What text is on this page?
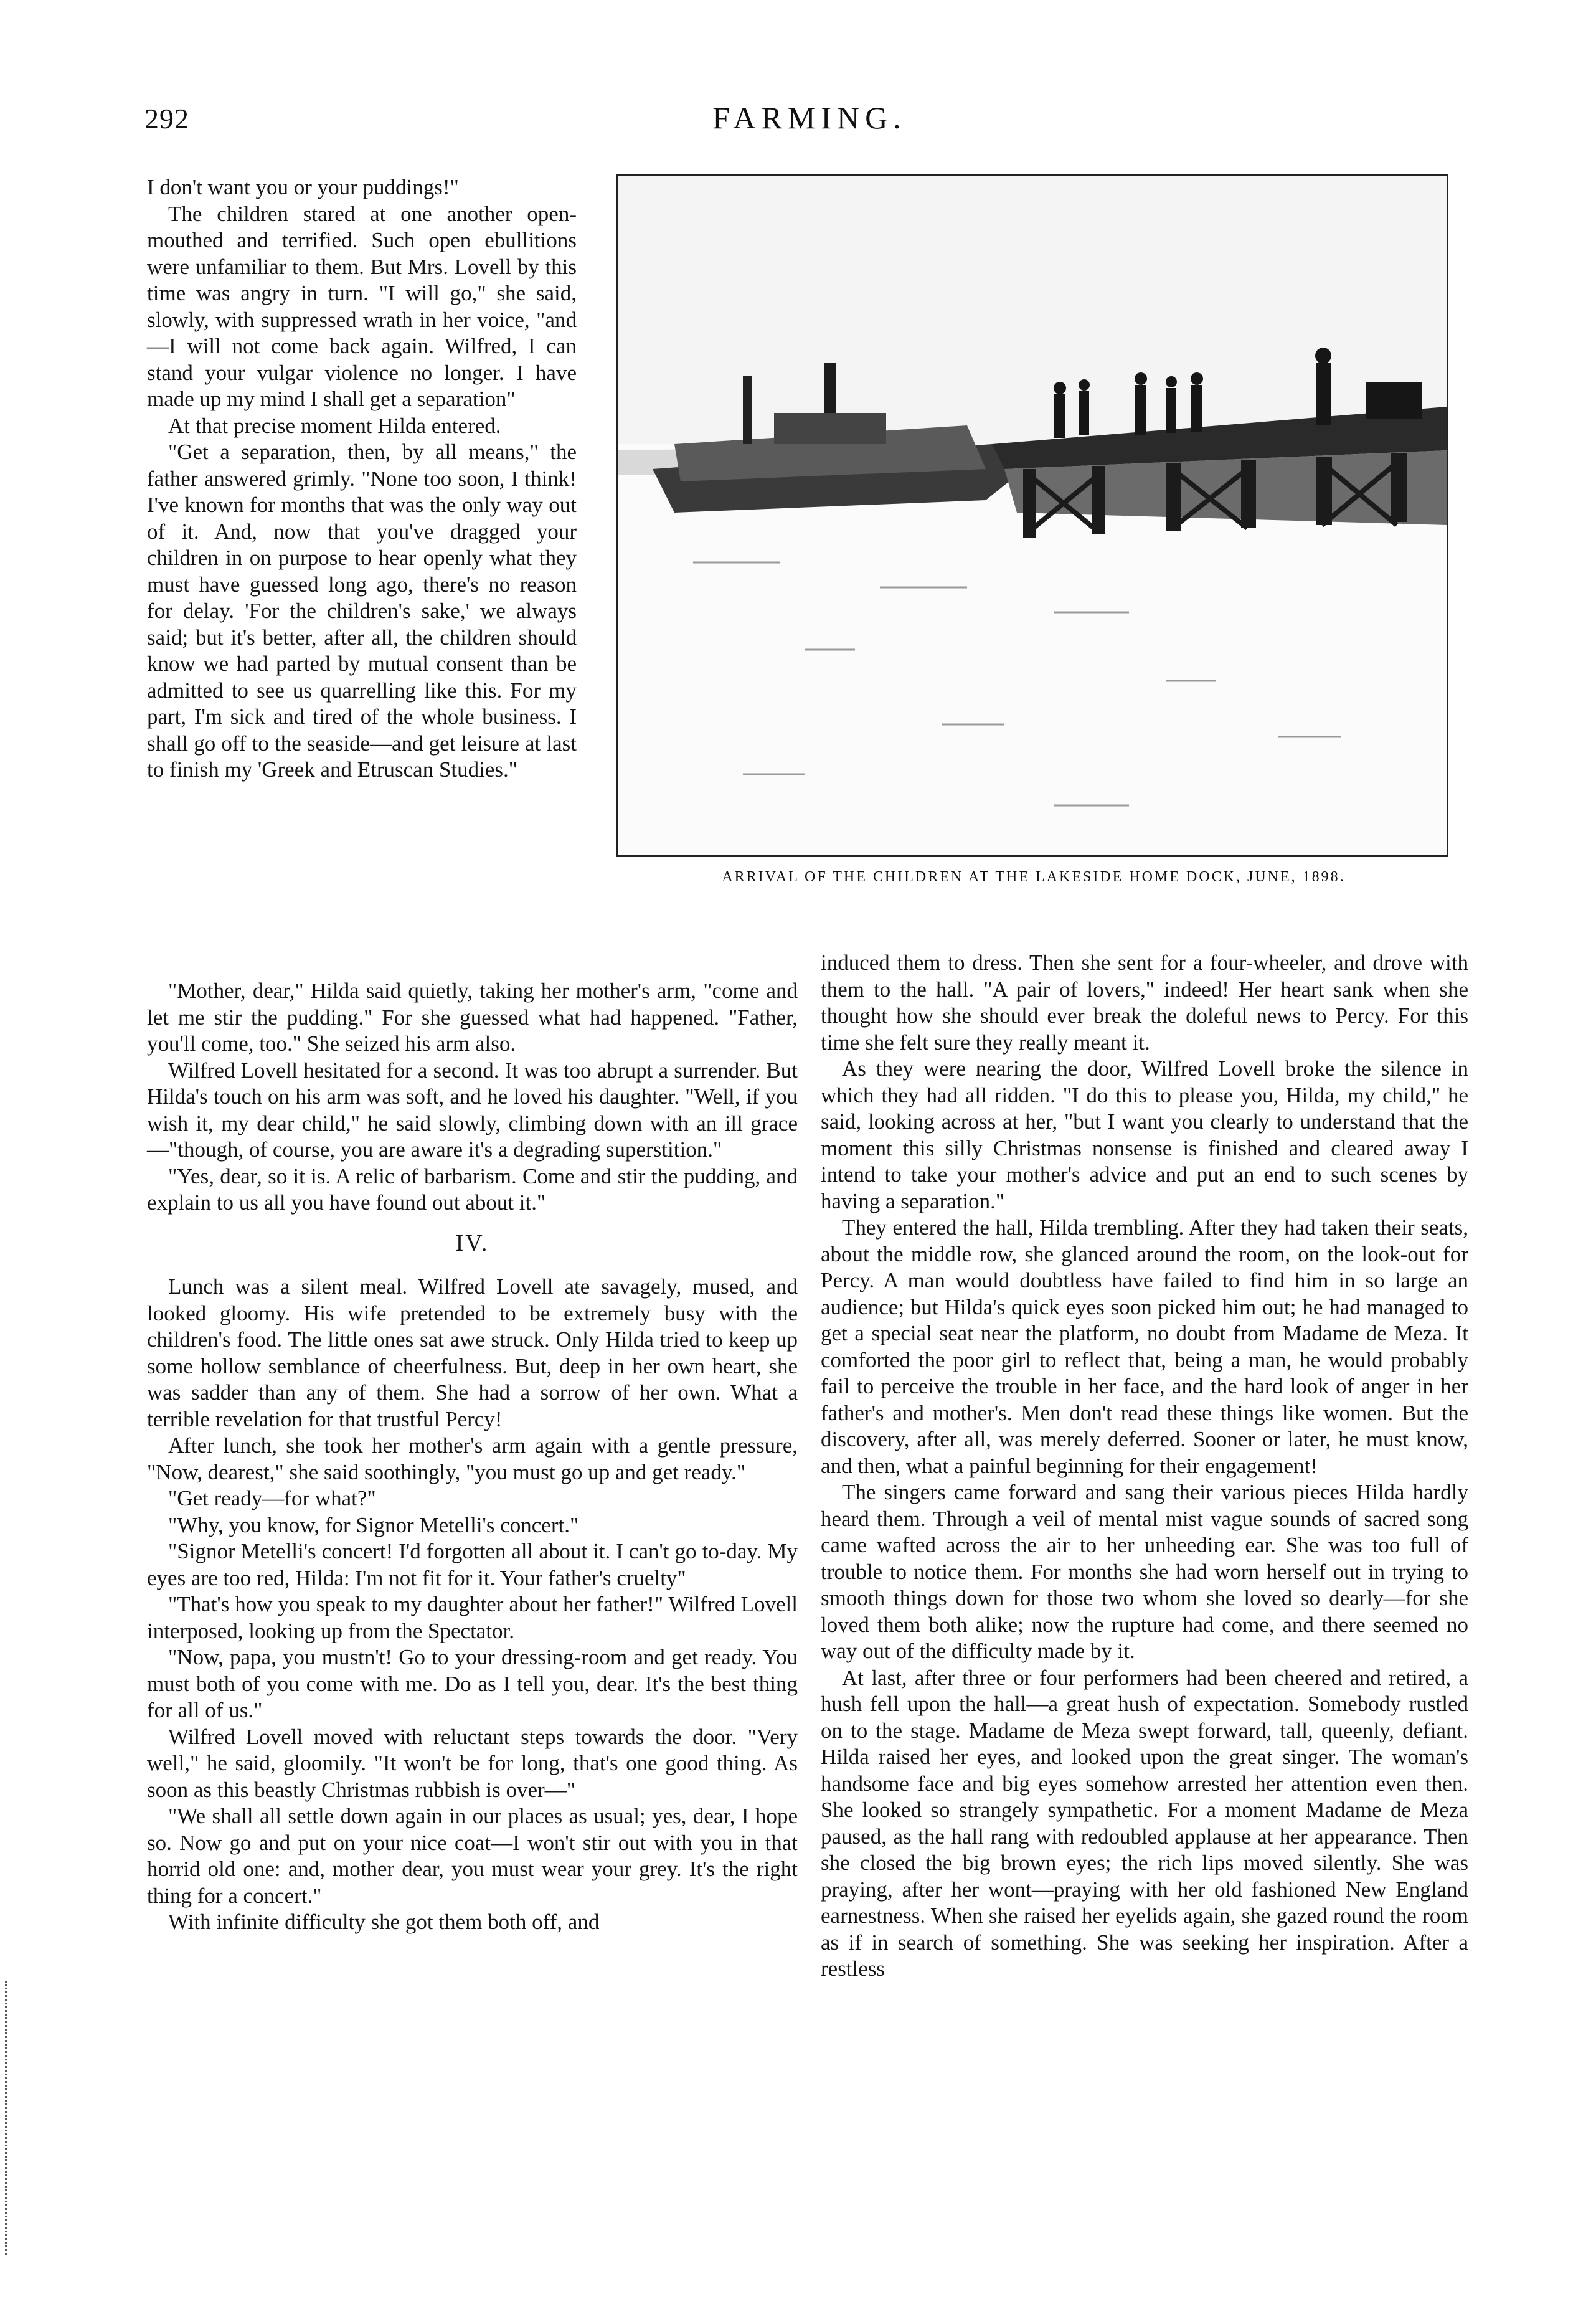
292	FARMING.
ARRIVAL OF THE CHILDREN AT THE LAKESIDE HOME DOCK, JUNE, 1898.

I don't want you or your puddings!"

The children stared at one another open-mouthed and terrified. Such open ebullitions were unfamiliar to them. But Mrs. Lovell by this time was angry in turn. "I will go," she said, slowly, with suppressed wrath in her voice, "and—I will not come back again. Wilfred, I can stand your vulgar violence no longer. I have made up my mind I shall get a separation"

At that precise moment Hilda entered.

"Get a separation, then, by all means," the father answered grimly. "None too soon, I think! I've known for months that was the only way out of it. And, now that you've dragged your children in on purpose to hear openly what they must have guessed long ago, there's no reason for delay. 'For the children's sake,' we always said; but it's better, after all, the children should know we had parted by mutual consent than be admitted to see us quarrelling like this. For my part, I'm sick and tired of the whole business. I shall go off to the seaside—and get leisure at last to finish my 'Greek and Etruscan Studies."

"Mother, dear," Hilda said quietly, taking her mother's arm, "come and let me stir the pudding." For she guessed what had happened. "Father, you'll come, too." She seized his arm also.

Wilfred Lovell hesitated for a second. It was too abrupt a surrender. But Hilda's touch on his arm was soft, and he loved his daughter. "Well, if you wish it, my dear child," he said slowly, climbing down with an ill grace—"though, of course, you are aware it's a degrading superstition."

"Yes, dear, so it is. A relic of barbarism. Come and stir the pudding, and explain to us all you have found out about it."

IV.

Lunch was a silent meal. Wilfred Lovell ate savagely, mused, and looked gloomy. His wife pretended to be extremely busy with the children's food. The little ones sat awe struck. Only Hilda tried to keep up some hollow semblance of cheerfulness. But, deep in her own heart, she was sadder than any of them. She had a sorrow of her own. What a terrible revelation for that trustful Percy!

After lunch, she took her mother's arm again with a gentle pressure, "Now, dearest," she said soothingly, "you must go up and get ready."

"Get ready—for what?"

"Why, you know, for Signor Metelli's concert."

"Signor Metelli's concert! I'd forgotten all about it. I can't go to-day. My eyes are too red, Hilda: I'm not fit for it. Your father's cruelty"

"That's how you speak to my daughter about her father!" Wilfred Lovell interposed, looking up from the Spectator.

"Now, papa, you mustn't! Go to your dressing-room and get ready. You must both of you come with me. Do as I tell you, dear. It's the best thing for all of us."

Wilfred Lovell moved with reluctant steps towards the door. "Very well," he said, gloomily. "It won't be for long, that's one good thing. As soon as this beastly Christmas rubbish is over—"

"We shall all settle down again in our places as usual; yes, dear, I hope so. Now go and put on your nice coat—I won't stir out with you in that horrid old one: and, mother dear, you must wear your grey. It's the right thing for a concert."

With infinite difficulty she got them both off, and

induced them to dress. Then she sent for a four-wheeler, and drove with them to the hall. "A pair of lovers," indeed! Her heart sank when she thought how she should ever break the doleful news to Percy. For this time she felt sure they really meant it.

As they were nearing the door, Wilfred Lovell broke the silence in which they had all ridden. "I do this to please you, Hilda, my child," he said, looking across at her, "but I want you clearly to understand that the moment this silly Christmas nonsense is finished and cleared away I intend to take your mother's advice and put an end to such scenes by having a separation."

They entered the hall, Hilda trembling. After they had taken their seats, about the middle row, she glanced around the room, on the look-out for Percy. A man would doubtless have failed to find him in so large an audience; but Hilda's quick eyes soon picked him out; he had managed to get a special seat near the platform, no doubt from Madame de Meza. It comforted the poor girl to reflect that, being a man, he would probably fail to perceive the trouble in her face, and the hard look of anger in her father's and mother's. Men don't read these things like women. But the discovery, after all, was merely deferred. Sooner or later, he must know, and then, what a painful beginning for their engagement!

The singers came forward and sang their various pieces Hilda hardly heard them. Through a veil of mental mist vague sounds of sacred song came wafted across the air to her unheeding ear. She was too full of trouble to notice them. For months she had worn herself out in trying to smooth things down for those two whom she loved so dearly—for she loved them both alike; now the rupture had come, and there seemed no way out of the difficulty made by it.

At last, after three or four performers had been cheered and retired, a hush fell upon the hall—a great hush of expectation. Somebody rustled on to the stage. Madame de Meza swept forward, tall, queenly, defiant. Hilda raised her eyes, and looked upon the great singer. The woman's handsome face and big eyes somehow arrested her attention even then. She looked so strangely sympathetic. For a moment Madame de Meza paused, as the hall rang with redoubled applause at her appearance. Then she closed the big brown eyes; the rich lips moved silently. She was praying, after her wont—praying with her old fashioned New England earnestness. When she raised her eyelids again, she gazed round the room as if in search of something. She was seeking her inspiration. After a restless
